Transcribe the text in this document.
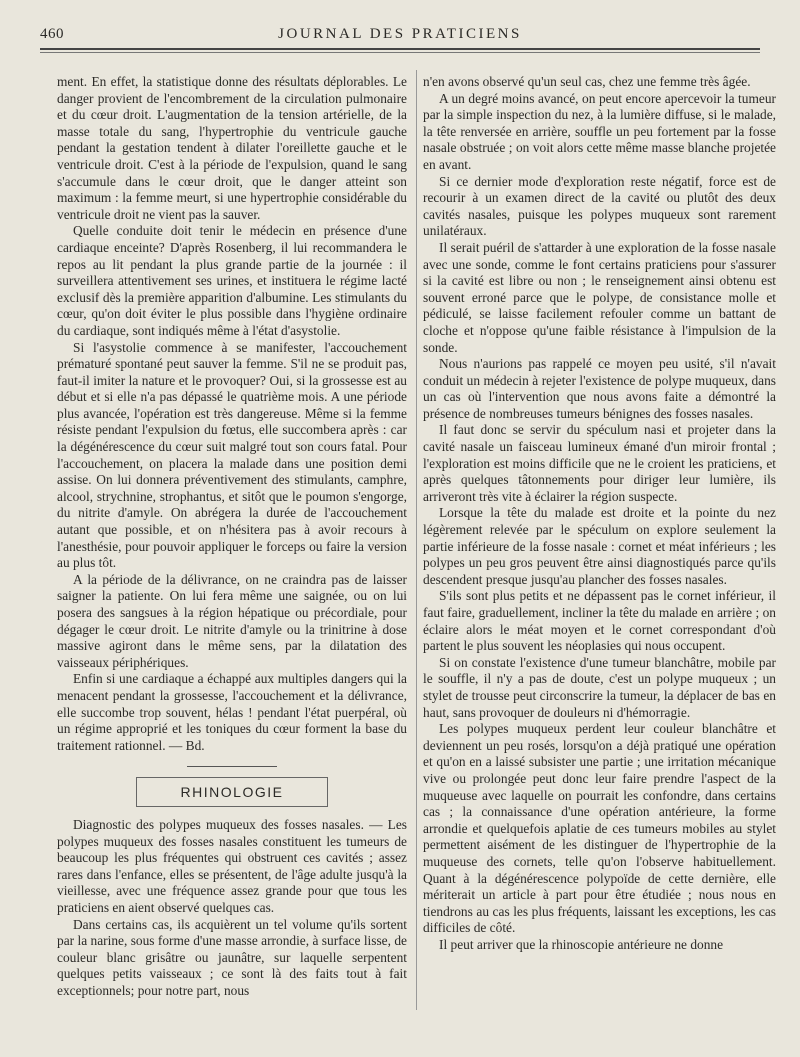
460	JOURNAL DES PRATICIENS

ment. En effet, la statistique donne des résultats déplorables. Le danger provient de l'encombrement de la circulation pulmonaire et du cœur droit. L'augmentation de la tension artérielle, de la masse totale du sang, l'hypertrophie du ventricule gauche pendant la gestation tendent à dilater l'oreillette gauche et le ventricule droit. C'est à la période de l'expulsion, quand le sang s'accumule dans le cœur droit, que le danger atteint son maximum : la femme meurt, si une hypertrophie considérable du ventricule droit ne vient pas la sauver.

Quelle conduite doit tenir le médecin en présence d'une cardiaque enceinte? D'après Rosenberg, il lui recommandera le repos au lit pendant la plus grande partie de la journée : il surveillera attentivement ses urines, et instituera le régime lacté exclusif dès la première apparition d'albumine. Les stimulants du cœur, qu'on doit éviter le plus possible dans l'hygiène ordinaire du cardiaque, sont indiqués même à l'état d'asystolie.

Si l'asystolie commence à se manifester, l'accouchement prématuré spontané peut sauver la femme. S'il ne se produit pas, faut-il imiter la nature et le provoquer? Oui, si la grossesse est au début et si elle n'a pas dépassé le quatrième mois. A une période plus avancée, l'opération est très dangereuse. Même si la femme résiste pendant l'expulsion du fœtus, elle succombera après : car la dégénérescence du cœur suit malgré tout son cours fatal. Pour l'accouchement, on placera la malade dans une position demi assise. On lui donnera préventivement des stimulants, camphre, alcool, strychnine, strophantus, et sitôt que le poumon s'engorge, du nitrite d'amyle. On abrégera la durée de l'accouchement autant que possible, et on n'hésitera pas à avoir recours à l'anesthésie, pour pouvoir appliquer le forceps ou faire la version au plus tôt.

A la période de la délivrance, on ne craindra pas de laisser saigner la patiente. On lui fera même une saignée, ou on lui posera des sangsues à la région hépatique ou précordiale, pour dégager le cœur droit. Le nitrite d'amyle ou la trinitrine à dose massive agiront dans le même sens, par la dilatation des vaisseaux périphériques.

Enfin si une cardiaque a échappé aux multiples dangers qui la menacent pendant la grossesse, l'accouchement et la délivrance, elle succombe trop souvent, hélas ! pendant l'état puerpéral, où un régime approprié et les toniques du cœur forment la base du traitement rationnel. — Bd.

RHINOLOGIE

Diagnostic des polypes muqueux des fosses nasales. — Les polypes muqueux des fosses nasales constituent les tumeurs de beaucoup les plus fréquentes qui obstruent ces cavités ; assez rares dans l'enfance, elles se présentent, de l'âge adulte jusqu'à la vieillesse, avec une fréquence assez grande pour que tous les praticiens en aient observé quelques cas.

Dans certains cas, ils acquièrent un tel volume qu'ils sortent par la narine, sous forme d'une masse arrondie, à surface lisse, de couleur blanc grisâtre ou jaunâtre, sur laquelle serpentent quelques petits vaisseaux ; ce sont là des faits tout à fait exceptionnels; pour notre part, nous

n'en avons observé qu'un seul cas, chez une femme très âgée.

A un degré moins avancé, on peut encore apercevoir la tumeur par la simple inspection du nez, à la lumière diffuse, si le malade, la tête renversée en arrière, souffle un peu fortement par la fosse nasale obstruée ; on voit alors cette même masse blanche projetée en avant.

Si ce dernier mode d'exploration reste négatif, force est de recourir à un examen direct de la cavité ou plutôt des deux cavités nasales, puisque les polypes muqueux sont rarement unilatéraux.

Il serait puéril de s'attarder à une exploration de la fosse nasale avec une sonde, comme le font certains praticiens pour s'assurer si la cavité est libre ou non ; le renseignement ainsi obtenu est souvent erroné parce que le polype, de consistance molle et pédiculé, se laisse facilement refouler comme un battant de cloche et n'oppose qu'une faible résistance à l'impulsion de la sonde.

Nous n'aurions pas rappelé ce moyen peu usité, s'il n'avait conduit un médecin à rejeter l'existence de polype muqueux, dans un cas où l'intervention que nous avons faite a démontré la présence de nombreuses tumeurs bénignes des fosses nasales.

Il faut donc se servir du spéculum nasi et projeter dans la cavité nasale un faisceau lumineux émané d'un miroir frontal ; l'exploration est moins difficile que ne le croient les praticiens, et après quelques tâtonnements pour diriger leur lumière, ils arriveront très vite à éclairer la région suspecte.

Lorsque la tête du malade est droite et la pointe du nez légèrement relevée par le spéculum on explore seulement la partie inférieure de la fosse nasale : cornet et méat inférieurs ; les polypes un peu gros peuvent être ainsi diagnostiqués parce qu'ils descendent presque jusqu'au plancher des fosses nasales.

S'ils sont plus petits et ne dépassent pas le cornet inférieur, il faut faire, graduellement, incliner la tête du malade en arrière ; on éclaire alors le méat moyen et le cornet correspondant d'où partent le plus souvent les néoplasies qui nous occupent.

Si on constate l'existence d'une tumeur blanchâtre, mobile par le souffle, il n'y a pas de doute, c'est un polype muqueux ; un stylet de trousse peut circonscrire la tumeur, la déplacer de bas en haut, sans provoquer de douleurs ni d'hémorragie.

Les polypes muqueux perdent leur couleur blanchâtre et deviennent un peu rosés, lorsqu'on a déjà pratiqué une opération et qu'on en a laissé subsister une partie ; une irritation mécanique vive ou prolongée peut donc leur faire prendre l'aspect de la muqueuse avec laquelle on pourrait les confondre, dans certains cas ; la connaissance d'une opération antérieure, la forme arrondie et quelquefois aplatie de ces tumeurs mobiles au stylet permettent aisément de les distinguer de l'hypertrophie de la muqueuse des cornets, telle qu'on l'observe habituellement. Quant à la dégénérescence polypoïde de cette dernière, elle mériterait un article à part pour être étudiée ; nous nous en tiendrons au cas les plus fréquents, laissant les exceptions, les cas difficiles de côté.

Il peut arriver que la rhinoscopie antérieure ne donne
